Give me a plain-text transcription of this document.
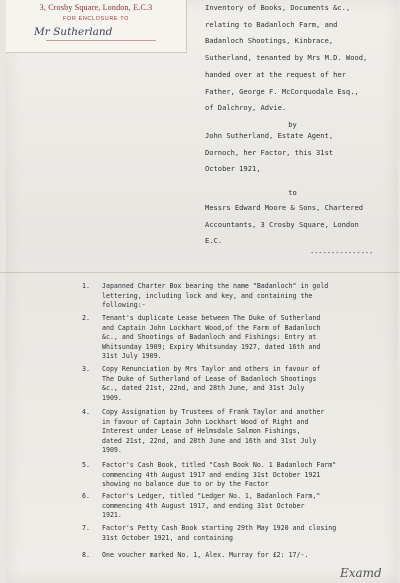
3, Crosby Square, London, E.C.3
FOR ENCLOSURE TO
Mr Sutherland
Inventory of Books, Documents &c.,
relating to Badanloch Farm, and
Badanloch Shootings, Kinbrace,
Sutherland, tenanted by Mrs M.D. Wood,
handed over at the request of her
Father, George F. McCorquodale Esq.,
of Dalchroy, Advie.
by
John Sutherland, Estate Agent,
Dornoch, her Factor, this 31st
October 1921,
to
Messrs Edward Moore & Sons, Chartered
Accountants, 3 Crosby Square, London
E.C.
---------------
1.	Japanned Charter Box bearing the name "Badanloch" in gold
lettering, including lock and key, and containing the
following:-
2.	Tenant's duplicate Lease between The Duke of Sutherland
and Captain John Lockhart Wood,of the Farm of Badanloch
&c., and Shootings of Badanloch and Fishings: Entry at
Whitsunday 1909; Expiry Whitsunday 1927, dated 16th and
31st July 1909.
3.	Copy Renunciation by Mrs Taylor and others in favour of
The Duke of Sutherland of Lease of Badanloch Shootings
&c., dated 21st, 22nd, and 28th June, and 31st July
1909.
4.	Copy Assignation by Trustees of Frank Taylor and another
in favour of Captain John Lockhart Wood of Right and
Interest under Lease of Helmsdale Salmon Fishings,
dated 21st, 22nd, and 28th June and 16th and 31st July
1909.
5.	Factor's Cash Book, titled "Cash Book No. 1 Badanloch Farm"
commencing 4th August 1917 and ending 31st October 1921
showing no balance due to or by the Factor
6.	Factor's Ledger, titled "Ledger No. 1, Badanloch Farm,"
commencing 4th August 1917, and ending 31st October
1921.
7.	Factor's Petty Cash Book starting 29th May 1920 and closing
31st October 1921, and containing
8.	One voucher marked No. 1, Alex. Murray for £2: 17/-.
Examd
